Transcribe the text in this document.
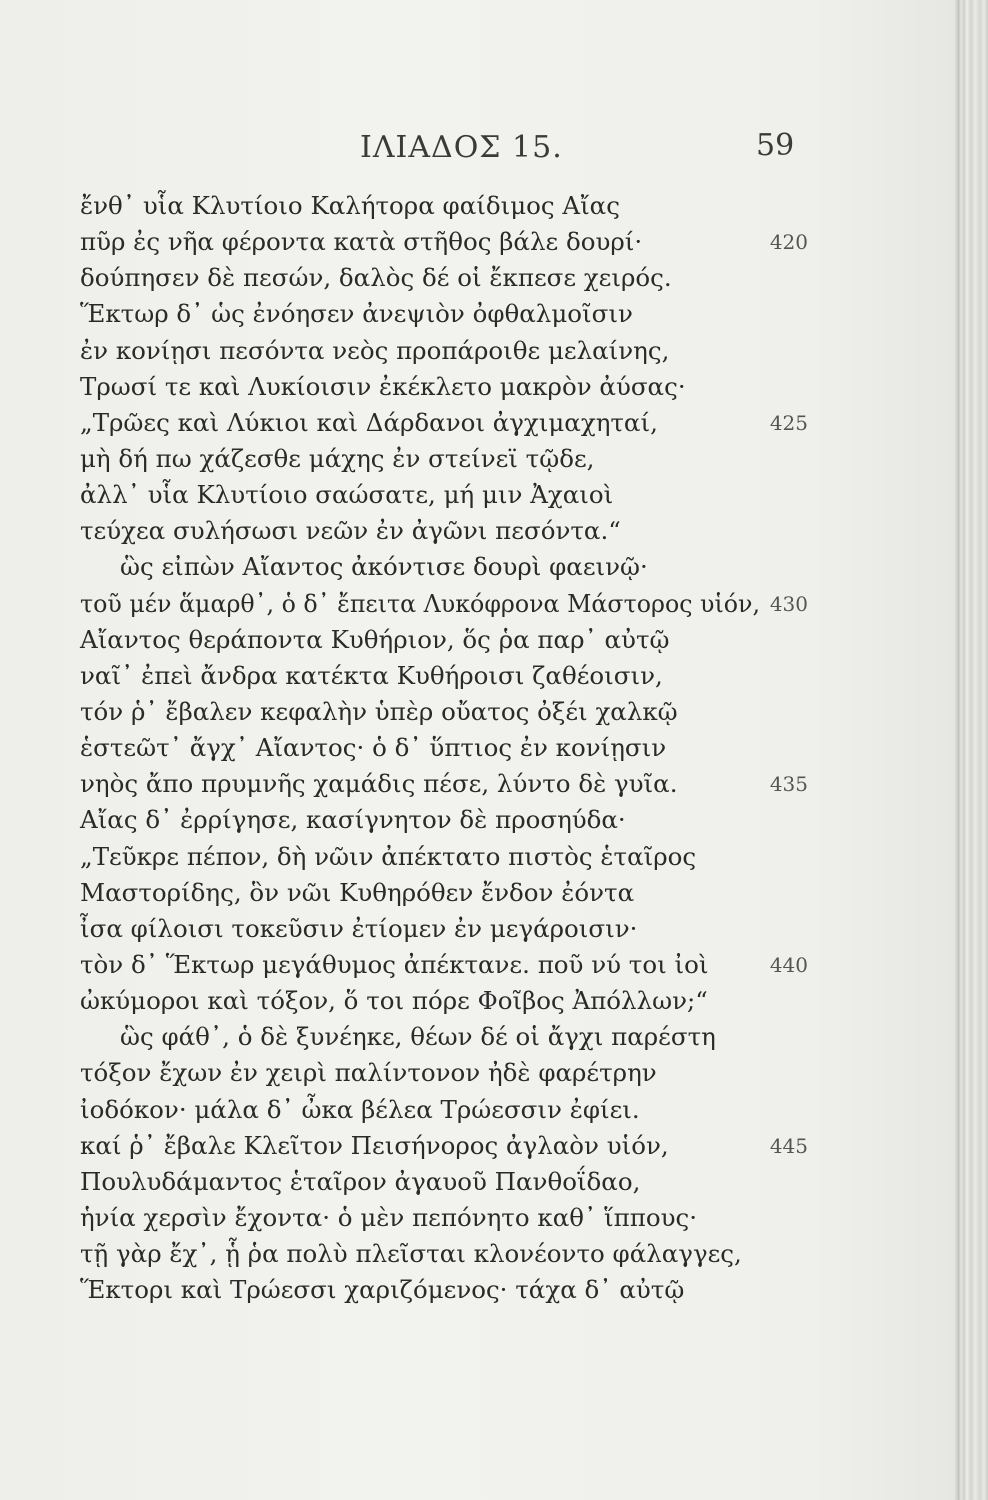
ΙΛΙΑΔΟΣ 15.	59
ἔνθ᾽ υἷα Κλυτίοιο Καλήτορα φαίδιμος Αἴας
πῦρ ἐς νῆα φέροντα κατὰ στῆθος βάλε δουρί·	420
δούπησεν δὲ πεσών, δαλὸς δέ οἱ ἔκπεσε χειρός.
Ἕκτωρ δ᾽ ὡς ἐνόησεν ἀνεψιὸν ὀφθαλμοῖσιν
ἐν κονίῃσι πεσόντα νεὸς προπάροιθε μελαίνης,
Τρωσί τε καὶ Λυκίοισιν ἐκέκλετο μακρὸν ἀύσας·
„Τρῶες καὶ Λύκιοι καὶ Δάρδανοι ἀγχιμαχηταί,	425
μὴ δή πω χάζεσθε μάχης ἐν στείνεϊ τῷδε,
ἀλλ᾽ υἷα Κλυτίοιο σαώσατε, μή μιν Ἀχαιοὶ
τεύχεα συλήσωσι νεῶν ἐν ἀγῶνι πεσόντα.“
ὣς εἰπὼν Αἴαντος ἀκόντισε δουρὶ φαεινῷ·
τοῦ μέν ἅμαρθ᾽, ὁ δ᾽ ἔπειτα Λυκόφρονα Μάστορος υἱόν, 430
Αἴαντος θεράποντα Κυθήριον, ὅς ῥα παρ᾽ αὐτῷ
ναῖ᾽ ἐπεὶ ἄνδρα κατέκτα Κυθήροισι ζαθέοισιν,
τόν ῥ᾽ ἔβαλεν κεφαλὴν ὑπὲρ οὔατος ὀξέι χαλκῷ
ἑστεῶτ᾽ ἄγχ᾽ Αἴαντος· ὁ δ᾽ ὕπτιος ἐν κονίῃσιν
νηὸς ἄπο πρυμνῆς χαμάδις πέσε, λύντο δὲ γυῖα.	435
Αἴας δ᾽ ἐρρίγησε, κασίγνητον δὲ προσηύδα·
„Τεῦκρε πέπον, δὴ νῶιν ἀπέκτατο πιστὸς ἑταῖρος
Μαστορίδης, ὃν νῶι Κυθηρόθεν ἔνδον ἐόντα
ἶσα φίλοισι τοκεῦσιν ἐτίομεν ἐν μεγάροισιν·
τὸν δ᾽ Ἕκτωρ μεγάθυμος ἀπέκτανε. ποῦ νύ τοι ἰοὶ	440
ὠκύμοροι καὶ τόξον, ὅ τοι πόρε Φοῖβος Ἀπόλλων;“
ὣς φάθ᾽, ὁ δὲ ξυνέηκε, θέων δέ οἱ ἄγχι παρέστη
τόξον ἔχων ἐν χειρὶ παλίντονον ἠδὲ φαρέτρην
ἰοδόκον· μάλα δ᾽ ὦκα βέλεα Τρώεσσιν ἐφίει.
καί ῥ᾽ ἔβαλε Κλεῖτον Πεισήνορος ἀγλαὸν υἱόν,	445
Πουλυδάμαντος ἑταῖρον ἀγαυοῦ Πανθοΐδαο,
ἡνία χερσὶν ἔχοντα· ὁ μὲν πεπόνητο καθ᾽ ἵππους·
τῇ γὰρ ἔχ᾽, ᾗ ῥα πολὺ πλεῖσται κλονέοντο φάλαγγες,
Ἕκτορι καὶ Τρώεσσι χαριζόμενος· τάχα δ᾽ αὐτῷ
